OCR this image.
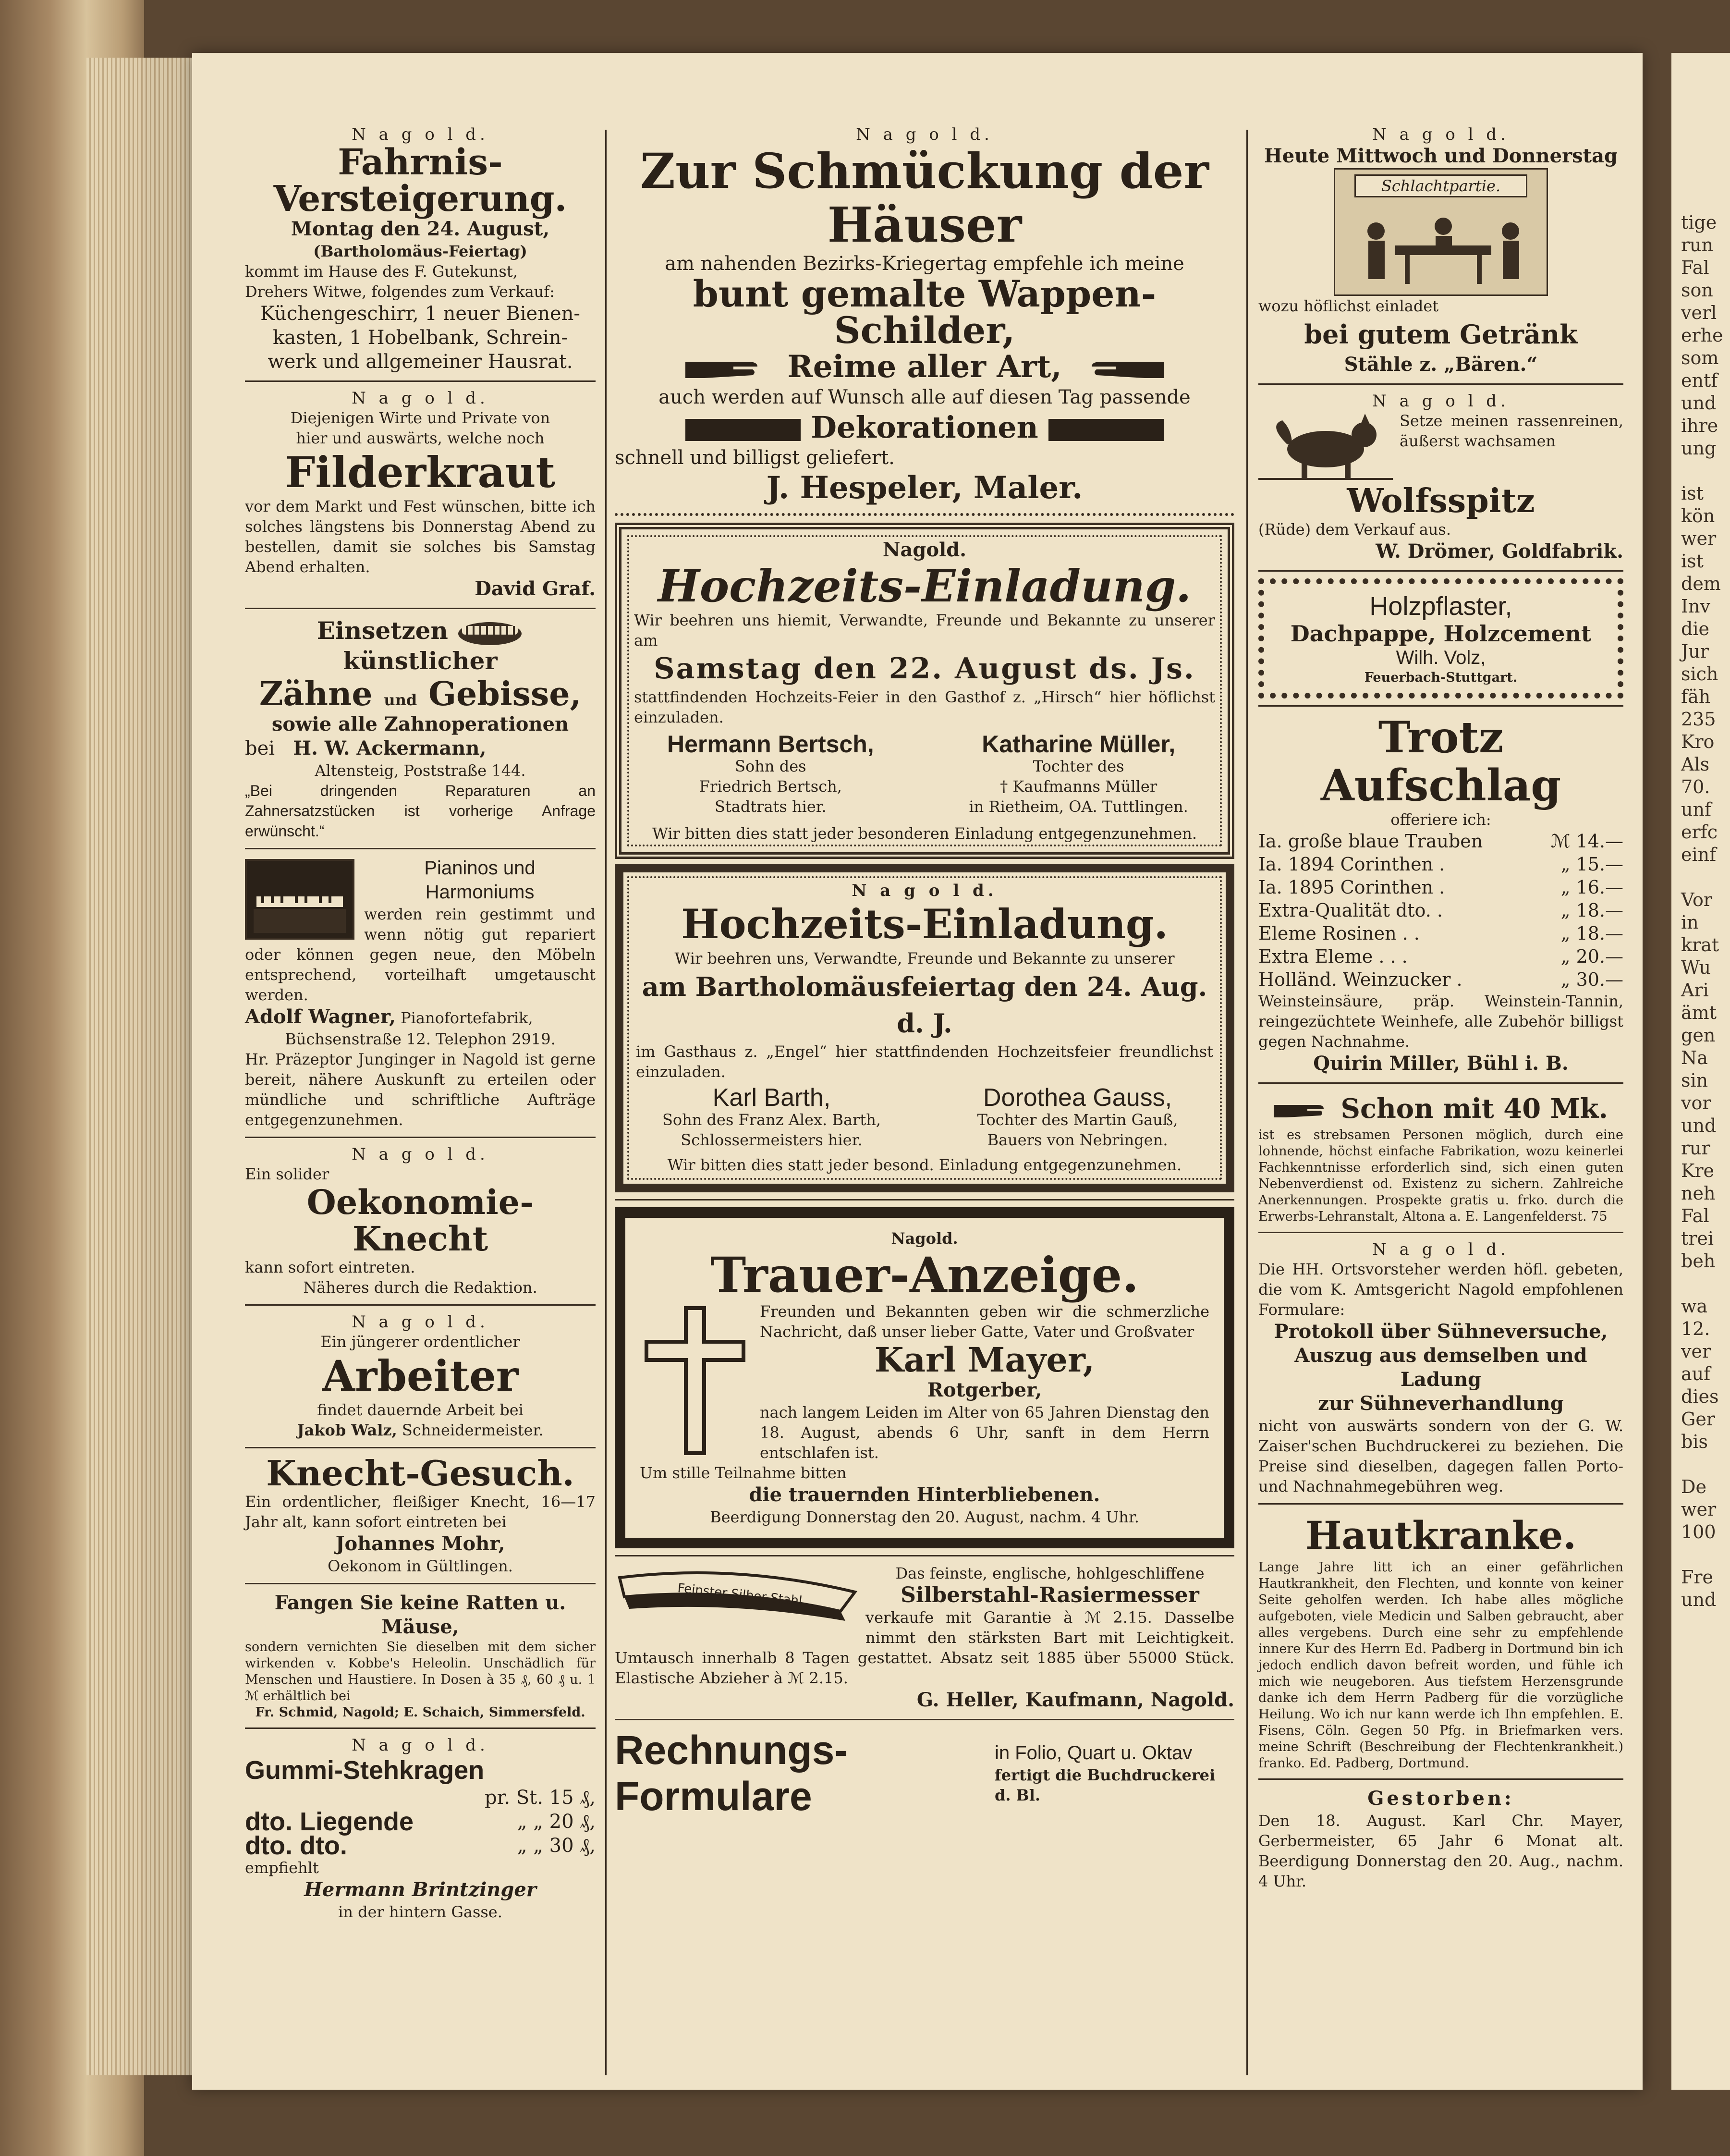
N a g o l d.
Fahrnis-
Versteigerung.
Montag den 24. August,
(Bartholomäus-Feiertag)
kommt im Hause des F. Gutekunst,
Drehers Witwe, folgendes zum Verkauf:
Küchengeschirr, 1 neuer Bienen-
kasten, 1 Hobelbank, Schrein-
werk und allgemeiner Hausrat.
N a g o l d.
Diejenigen Wirte und Private von
hier und auswärts, welche noch
Filderkraut
vor dem Markt und Fest wünschen, bitte ich solches längstens bis Donnerstag Abend zu bestellen, damit sie solches bis Samstag Abend erhalten.
David Graf.
Einsetzen  künstlicher
Zähne und Gebisse,
sowie alle Zahnoperationen
bei H. W. Ackermann,
Altensteig, Poststraße 144.
„Bei dringenden Reparaturen an Zahnersatzstücken ist vorherige Anfrage erwünscht.“
Pianinos und
Harmoniums
werden rein gestimmt und wenn nötig gut repariert oder können gegen neue, den Möbeln entsprechend, vorteilhaft umgetauscht werden.
Adolf Wagner, Pianofortefabrik,
Büchsenstraße 12. Telephon 2919.
Hr. Präzeptor Junginger in Nagold ist gerne bereit, nähere Auskunft zu erteilen oder mündliche und schriftliche Aufträge entgegenzunehmen.
N a g o l d.
Ein solider
Oekonomie-Knecht
kann sofort eintreten.
Näheres durch die Redaktion.
N a g o l d.
Ein jüngerer ordentlicher
Arbeiter
findet dauernde Arbeit bei
Jakob Walz, Schneidermeister.
Knecht-Gesuch.
Ein ordentlicher, fleißiger Knecht, 16—17 Jahr alt, kann sofort eintreten bei
Johannes Mohr,
Oekonom in Gültlingen.
Fangen Sie keine Ratten u. Mäuse,
sondern vernichten Sie dieselben mit dem sicher wirkenden v. Kobbe's Heleolin. Unschädlich für Menschen und Haustiere. In Dosen à 35 ₰, 60 ₰ u. 1 ℳ erhältlich bei
Fr. Schmid, Nagold; E. Schaich, Simmersfeld.
N a g o l d.
Gummi-Stehkragen
pr. St. 15 ₰,
dto. Liegende	„ „ 20 ₰,
dto. dto.	„ „ 30 ₰,
empfiehlt
Hermann Brintzinger
in der hintern Gasse.
N a g o l d.
Zur Schmückung der Häuser
am nahenden Bezirks-Kriegertag empfehle ich meine
bunt gemalte Wappen-Schilder,
Reime aller Art,
auch werden auf Wunsch alle auf diesen Tag passende
Dekorationen
schnell und billigst geliefert.
J. Hespeler, Maler.
Nagold.
Hochzeits-Einladung.
Wir beehren uns hiemit, Verwandte, Freunde und Bekannte zu unserer am
Samstag den 22. August ds. Js.
stattfindenden Hochzeits-Feier in den Gasthof z. „Hirsch“ hier höflichst einzuladen.
Hermann Bertsch,
Sohn des
Friedrich Bertsch,
Stadtrats hier.
Katharine Müller,
Tochter des
† Kaufmanns Müller
in Rietheim, OA. Tuttlingen.
Wir bitten dies statt jeder besonderen Einladung entgegenzunehmen.
N a g o l d.
Hochzeits-Einladung.
Wir beehren uns, Verwandte, Freunde und Bekannte zu unserer
am Bartholomäusfeiertag den 24. Aug. d. J.
im Gasthaus z. „Engel“ hier stattfindenden Hochzeitsfeier freundlichst einzuladen.
Karl Barth,
Sohn des Franz Alex. Barth,
Schlossermeisters hier.
Dorothea Gauss,
Tochter des Martin Gauß,
Bauers von Nebringen.
Wir bitten dies statt jeder besond. Einladung entgegenzunehmen.
Nagold.
Trauer-Anzeige.
Freunden und Bekannten geben wir die schmerzliche Nachricht, daß unser lieber Gatte, Vater und Großvater
Karl Mayer,
Rotgerber,
nach langem Leiden im Alter von 65 Jahren Dienstag den 18. August, abends 6 Uhr, sanft in dem Herrn entschlafen ist.
Um stille Teilnahme bitten
die trauernden Hinterbliebenen.
Beerdigung Donnerstag den 20. August, nachm. 4 Uhr.
Feinster Silber Stahl
Das feinste, englische, hohlgeschliffene
Silberstahl-Rasiermesser
verkaufe mit Garantie à ℳ 2.15. Dasselbe nimmt den stärksten Bart mit Leichtigkeit. Umtausch innerhalb 8 Tagen gestattet. Absatz seit 1885 über 55000 Stück. Elastische Abzieher à ℳ 2.15.
G. Heller, Kaufmann, Nagold.
Rechnungs-Formulare
in Folio, Quart u. Oktav
fertigt die Buchdruckerei d. Bl.
N a g o l d.
Heute Mittwoch und Donnerstag
Schlachtpartie.
wozu höflichst einladet
bei gutem Getränk
Stähle z. „Bären.“
N a g o l d.
Setze meinen rassenreinen, äußerst wachsamen
Wolfsspitz
(Rüde) dem Verkauf aus.
W. Drömer, Goldfabrik.
Holzpflaster,
Dachpappe, Holzcement
Wilh. Volz,
Feuerbach-Stuttgart.
Trotz Aufschlag
offeriere ich:
Ia. große blaue Trauben	ℳ 14.—
Ia. 1894 Corinthen .	„ 15.—
Ia. 1895 Corinthen .	„ 16.—
Extra-Qualität dto. .	„ 18.—
Eleme Rosinen . .	„ 18.—
Extra Eleme . . .	„ 20.—
Holländ. Weinzucker .	„ 30.—
Weinsteinsäure, präp. Weinstein-Tannin, reingezüchtete Weinhefe, alle Zubehör billigst gegen Nachnahme.
Quirin Miller, Bühl i. B.
Schon mit 40 Mk.
ist es strebsamen Personen möglich, durch eine lohnende, höchst einfache Fabrikation, wozu keinerlei Fachkenntnisse erforderlich sind, sich einen guten Nebenverdienst od. Existenz zu sichern. Zahlreiche Anerkennungen. Prospekte gratis u. frko. durch die Erwerbs-Lehranstalt, Altona a. E. Langenfelderst. 75
N a g o l d.
Die HH. Ortsvorsteher werden höfl. gebeten, die vom K. Amtsgericht Nagold empfohlenen Formulare:
Protokoll über Sühneversuche,
Auszug aus demselben und Ladung
zur Sühneverhandlung
nicht von auswärts sondern von der G. W. Zaiser'schen Buchdruckerei zu beziehen. Die Preise sind dieselben, dagegen fallen Porto- und Nachnahmegebühren weg.
Hautkranke.
Lange Jahre litt ich an einer gefährlichen Hautkrankheit, den Flechten, und konnte von keiner Seite geholfen werden. Ich habe alles mögliche aufgeboten, viele Medicin und Salben gebraucht, aber alles vergebens. Durch eine sehr zu empfehlende innere Kur des Herrn Ed. Padberg in Dortmund bin ich jedoch endlich davon befreit worden, und fühle ich mich wie neugeboren. Aus tiefstem Herzensgrunde danke ich dem Herrn Padberg für die vorzügliche Heilung. Wo ich nur kann werde ich Ihn empfehlen. E. Fisens, Cöln. Gegen 50 Pfg. in Briefmarken vers. meine Schrift (Beschreibung der Flechtenkrankheit.) franko. Ed. Padberg, Dortmund.
Gestorben:
Den 18. August. Karl Chr. Mayer, Gerbermeister, 65 Jahr 6 Monat alt. Beerdigung Donnerstag den 20. Aug., nachm. 4 Uhr.
tige
run
Fal
son
verl
erhe
som
entf
und
ihre
ung

ist
kön
wer
ist
dem
Inv
die
Jur
sich
fäh
235
Kro
Als
70.
unf
erfc
einf

Vor
in
krat
Wu
Ari
ämt
gen
Na
sin
vor
und
rur
Kre
neh
Fal
trei
beh

wa
12.
ver
auf
dies
Ger
bis

De
wer
100

Fre
und
